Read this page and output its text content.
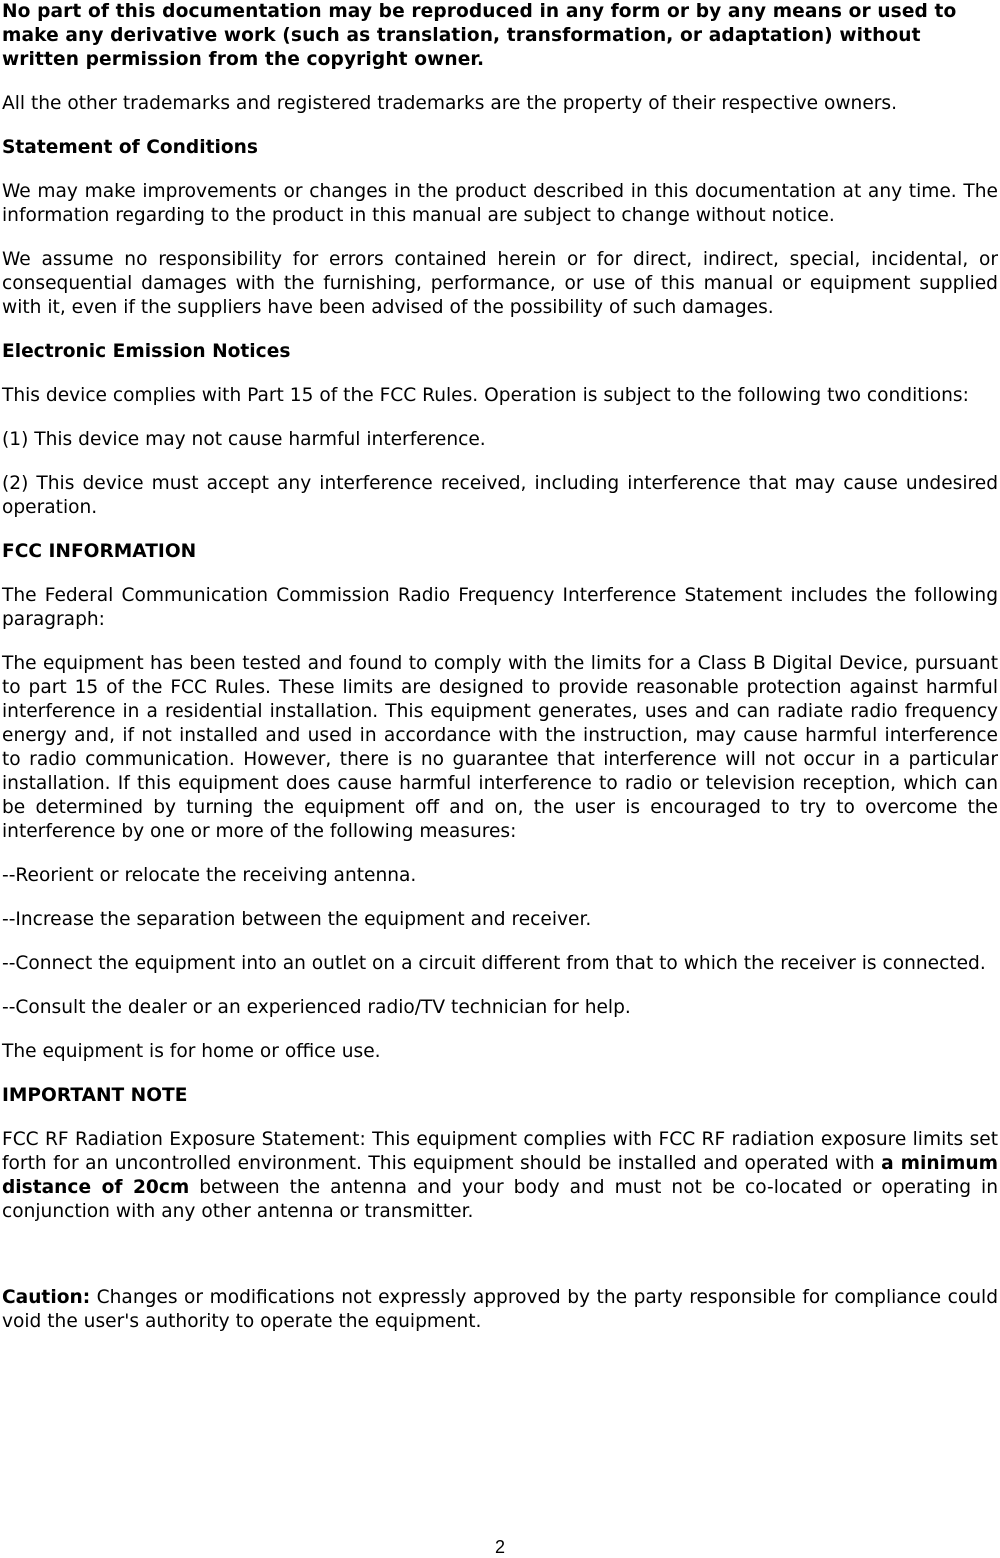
No part of this documentation may be reproduced in any form or by any means or used to make any derivative work (such as translation, transformation, or adaptation) without written permission from the copyright owner.

All the other trademarks and registered trademarks are the property of their respective owners.

Statement of Conditions

We may make improvements or changes in the product described in this documentation at any time. The information regarding to the product in this manual are subject to change without notice.

We assume no responsibility for errors contained herein or for direct, indirect, special, incidental, or consequential damages with the furnishing, performance, or use of this manual or equipment supplied with it, even if the suppliers have been advised of the possibility of such damages.

Electronic Emission Notices

This device complies with Part 15 of the FCC Rules. Operation is subject to the following two conditions:

(1) This device may not cause harmful interference.

(2) This device must accept any interference received, including interference that may cause undesired operation.

FCC INFORMATION

The Federal Communication Commission Radio Frequency Interference Statement includes the following paragraph:

The equipment has been tested and found to comply with the limits for a Class B Digital Device, pursuant to part 15 of the FCC Rules. These limits are designed to provide reasonable protection against harmful interference in a residential installation. This equipment generates, uses and can radiate radio frequency energy and, if not installed and used in accordance with the instruction, may cause harmful interference to radio communication. However, there is no guarantee that interference will not occur in a particular installation. If this equipment does cause harmful interference to radio or television reception, which can be determined by turning the equipment off and on, the user is encouraged to try to overcome the interference by one or more of the following measures:

--Reorient or relocate the receiving antenna.

--Increase the separation between the equipment and receiver.

--Connect the equipment into an outlet on a circuit different from that to which the receiver is connected.

--Consult the dealer or an experienced radio/TV technician for help.

The equipment is for home or office use.

IMPORTANT NOTE

FCC RF Radiation Exposure Statement: This equipment complies with FCC RF radiation exposure limits set forth for an uncontrolled environment. This equipment should be installed and operated with a minimum distance of 20cm between the antenna and your body and must not be co-located or operating in conjunction with any other antenna or transmitter.

Caution: Changes or modifications not expressly approved by the party responsible for compliance could void the user's authority to operate the equipment.

2
